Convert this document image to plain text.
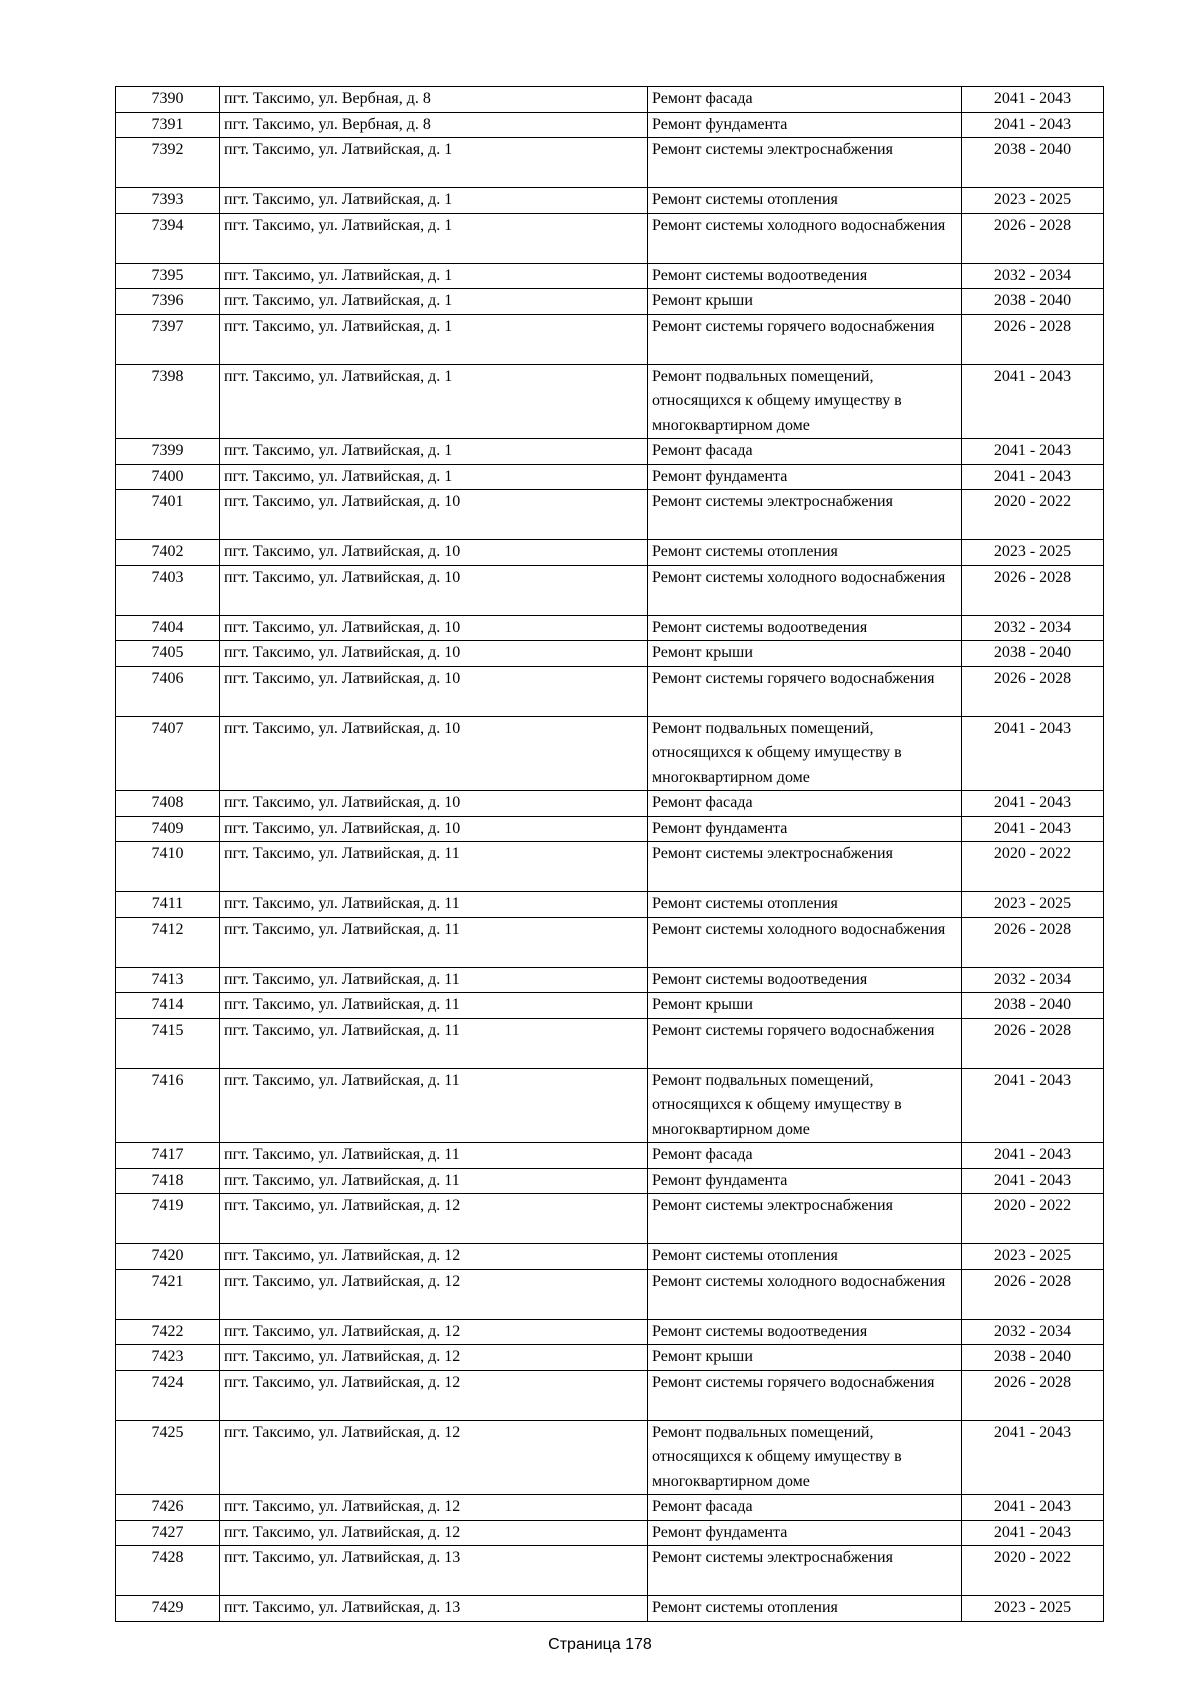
7390	пгт. Таксимо, ул. Вербная, д. 8	Ремонт фасада	2041 - 2043
7391	пгт. Таксимо, ул. Вербная, д. 8	Ремонт фундамента	2041 - 2043
7392	пгт. Таксимо, ул. Латвийская, д. 1	Ремонт системы электроснабжения	2038 - 2040
7393	пгт. Таксимо, ул. Латвийская, д. 1	Ремонт системы отопления	2023 - 2025
7394	пгт. Таксимо, ул. Латвийская, д. 1	Ремонт системы холодного водоснабжения	2026 - 2028
7395	пгт. Таксимо, ул. Латвийская, д. 1	Ремонт системы водоотведения	2032 - 2034
7396	пгт. Таксимо, ул. Латвийская, д. 1	Ремонт крыши	2038 - 2040
7397	пгт. Таксимо, ул. Латвийская, д. 1	Ремонт системы горячего водоснабжения	2026 - 2028
7398	пгт. Таксимо, ул. Латвийская, д. 1	Ремонт подвальных помещений, относящихся к общему имуществу в многоквартирном доме	2041 - 2043
7399	пгт. Таксимо, ул. Латвийская, д. 1	Ремонт фасада	2041 - 2043
7400	пгт. Таксимо, ул. Латвийская, д. 1	Ремонт фундамента	2041 - 2043
7401	пгт. Таксимо, ул. Латвийская, д. 10	Ремонт системы электроснабжения	2020 - 2022
7402	пгт. Таксимо, ул. Латвийская, д. 10	Ремонт системы отопления	2023 - 2025
7403	пгт. Таксимо, ул. Латвийская, д. 10	Ремонт системы холодного водоснабжения	2026 - 2028
7404	пгт. Таксимо, ул. Латвийская, д. 10	Ремонт системы водоотведения	2032 - 2034
7405	пгт. Таксимо, ул. Латвийская, д. 10	Ремонт крыши	2038 - 2040
7406	пгт. Таксимо, ул. Латвийская, д. 10	Ремонт системы горячего водоснабжения	2026 - 2028
7407	пгт. Таксимо, ул. Латвийская, д. 10	Ремонт подвальных помещений, относящихся к общему имуществу в многоквартирном доме	2041 - 2043
7408	пгт. Таксимо, ул. Латвийская, д. 10	Ремонт фасада	2041 - 2043
7409	пгт. Таксимо, ул. Латвийская, д. 10	Ремонт фундамента	2041 - 2043
7410	пгт. Таксимо, ул. Латвийская, д. 11	Ремонт системы электроснабжения	2020 - 2022
7411	пгт. Таксимо, ул. Латвийская, д. 11	Ремонт системы отопления	2023 - 2025
7412	пгт. Таксимо, ул. Латвийская, д. 11	Ремонт системы холодного водоснабжения	2026 - 2028
7413	пгт. Таксимо, ул. Латвийская, д. 11	Ремонт системы водоотведения	2032 - 2034
7414	пгт. Таксимо, ул. Латвийская, д. 11	Ремонт крыши	2038 - 2040
7415	пгт. Таксимо, ул. Латвийская, д. 11	Ремонт системы горячего водоснабжения	2026 - 2028
7416	пгт. Таксимо, ул. Латвийская, д. 11	Ремонт подвальных помещений, относящихся к общему имуществу в многоквартирном доме	2041 - 2043
7417	пгт. Таксимо, ул. Латвийская, д. 11	Ремонт фасада	2041 - 2043
7418	пгт. Таксимо, ул. Латвийская, д. 11	Ремонт фундамента	2041 - 2043
7419	пгт. Таксимо, ул. Латвийская, д. 12	Ремонт системы электроснабжения	2020 - 2022
7420	пгт. Таксимо, ул. Латвийская, д. 12	Ремонт системы отопления	2023 - 2025
7421	пгт. Таксимо, ул. Латвийская, д. 12	Ремонт системы холодного водоснабжения	2026 - 2028
7422	пгт. Таксимо, ул. Латвийская, д. 12	Ремонт системы водоотведения	2032 - 2034
7423	пгт. Таксимо, ул. Латвийская, д. 12	Ремонт крыши	2038 - 2040
7424	пгт. Таксимо, ул. Латвийская, д. 12	Ремонт системы горячего водоснабжения	2026 - 2028
7425	пгт. Таксимо, ул. Латвийская, д. 12	Ремонт подвальных помещений, относящихся к общему имуществу в многоквартирном доме	2041 - 2043
7426	пгт. Таксимо, ул. Латвийская, д. 12	Ремонт фасада	2041 - 2043
7427	пгт. Таксимо, ул. Латвийская, д. 12	Ремонт фундамента	2041 - 2043
7428	пгт. Таксимо, ул. Латвийская, д. 13	Ремонт системы электроснабжения	2020 - 2022
7429	пгт. Таксимо, ул. Латвийская, д. 13	Ремонт системы отопления	2023 - 2025
Страница 178
